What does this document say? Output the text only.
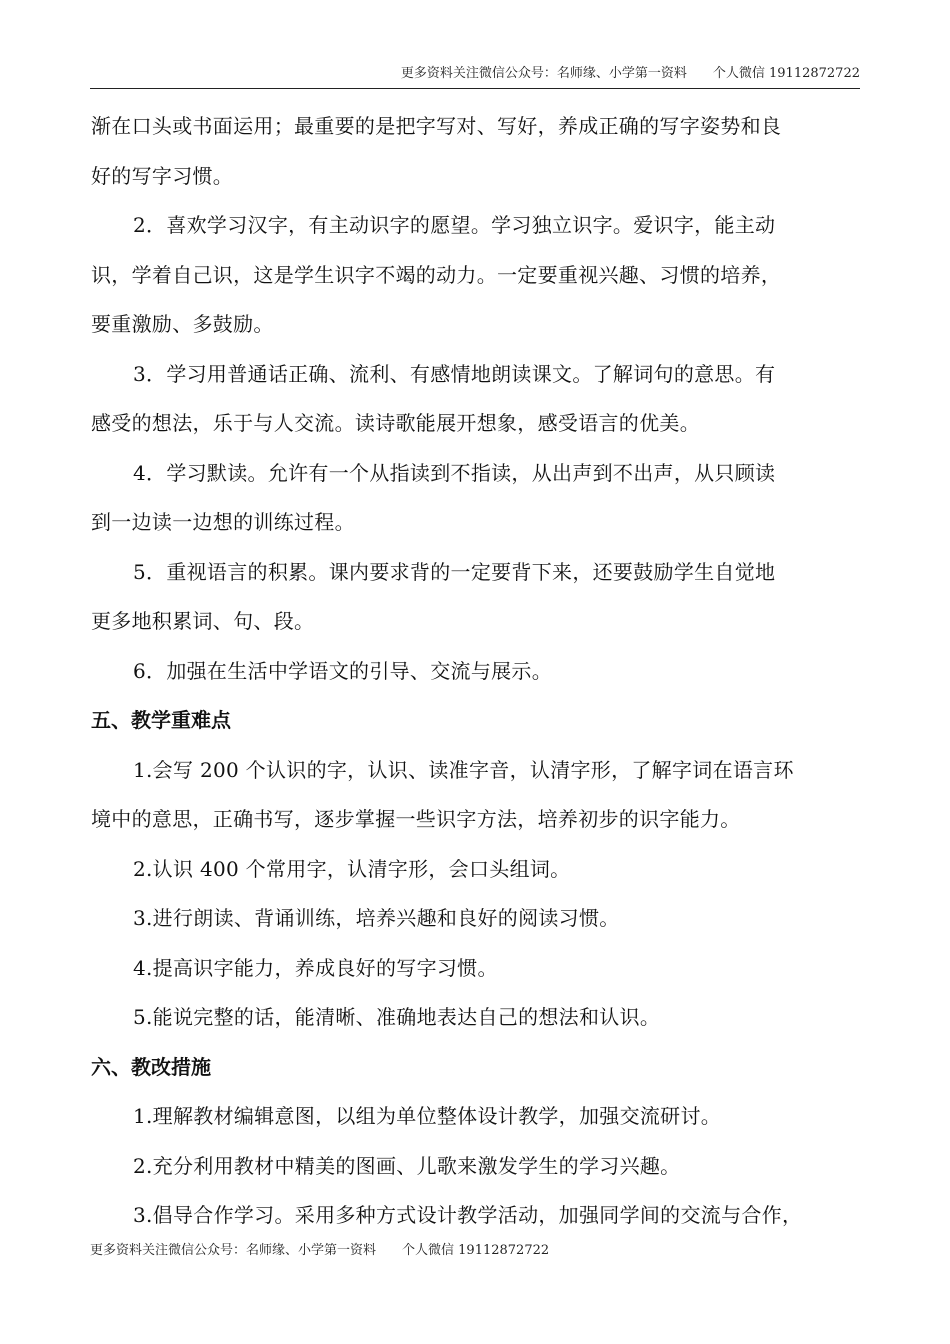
更多资料关注微信公众号：名师缘、小学第一资料 个人微信 19112872722

渐在口头或书面运用；最重要的是把字写对、写好，养成正确的写字姿势和良

好的写字习惯。

2．喜欢学习汉字，有主动识字的愿望。学习独立识字。爱识字，能主动

识，学着自己识，这是学生识字不竭的动力。一定要重视兴趣、习惯的培养，

要重激励、多鼓励。

3．学习用普通话正确、流利、有感情地朗读课文。了解词句的意思。有

感受的想法，乐于与人交流。读诗歌能展开想象，感受语言的优美。

4．学习默读。允许有一个从指读到不指读，从出声到不出声，从只顾读

到一边读一边想的训练过程。

5．重视语言的积累。课内要求背的一定要背下来，还要鼓励学生自觉地

更多地积累词、句、段。

6．加强在生活中学语文的引导、交流与展示。

五、教学重难点

1.会写 200 个认识的字，认识、读准字音，认清字形，了解字词在语言环

境中的意思，正确书写，逐步掌握一些识字方法，培养初步的识字能力。

2.认识 400 个常用字，认清字形，会口头组词。

3.进行朗读、背诵训练，培养兴趣和良好的阅读习惯。

4.提高识字能力，养成良好的写字习惯。

5.能说完整的话，能清晰、准确地表达自己的想法和认识。

六、教改措施

1.理解教材编辑意图，以组为单位整体设计教学，加强交流研讨。

2.充分利用教材中精美的图画、儿歌来激发学生的学习兴趣。

3.倡导合作学习。采用多种方式设计教学活动，加强同学间的交流与合作，

更多资料关注微信公众号：名师缘、小学第一资料 个人微信 19112872722
